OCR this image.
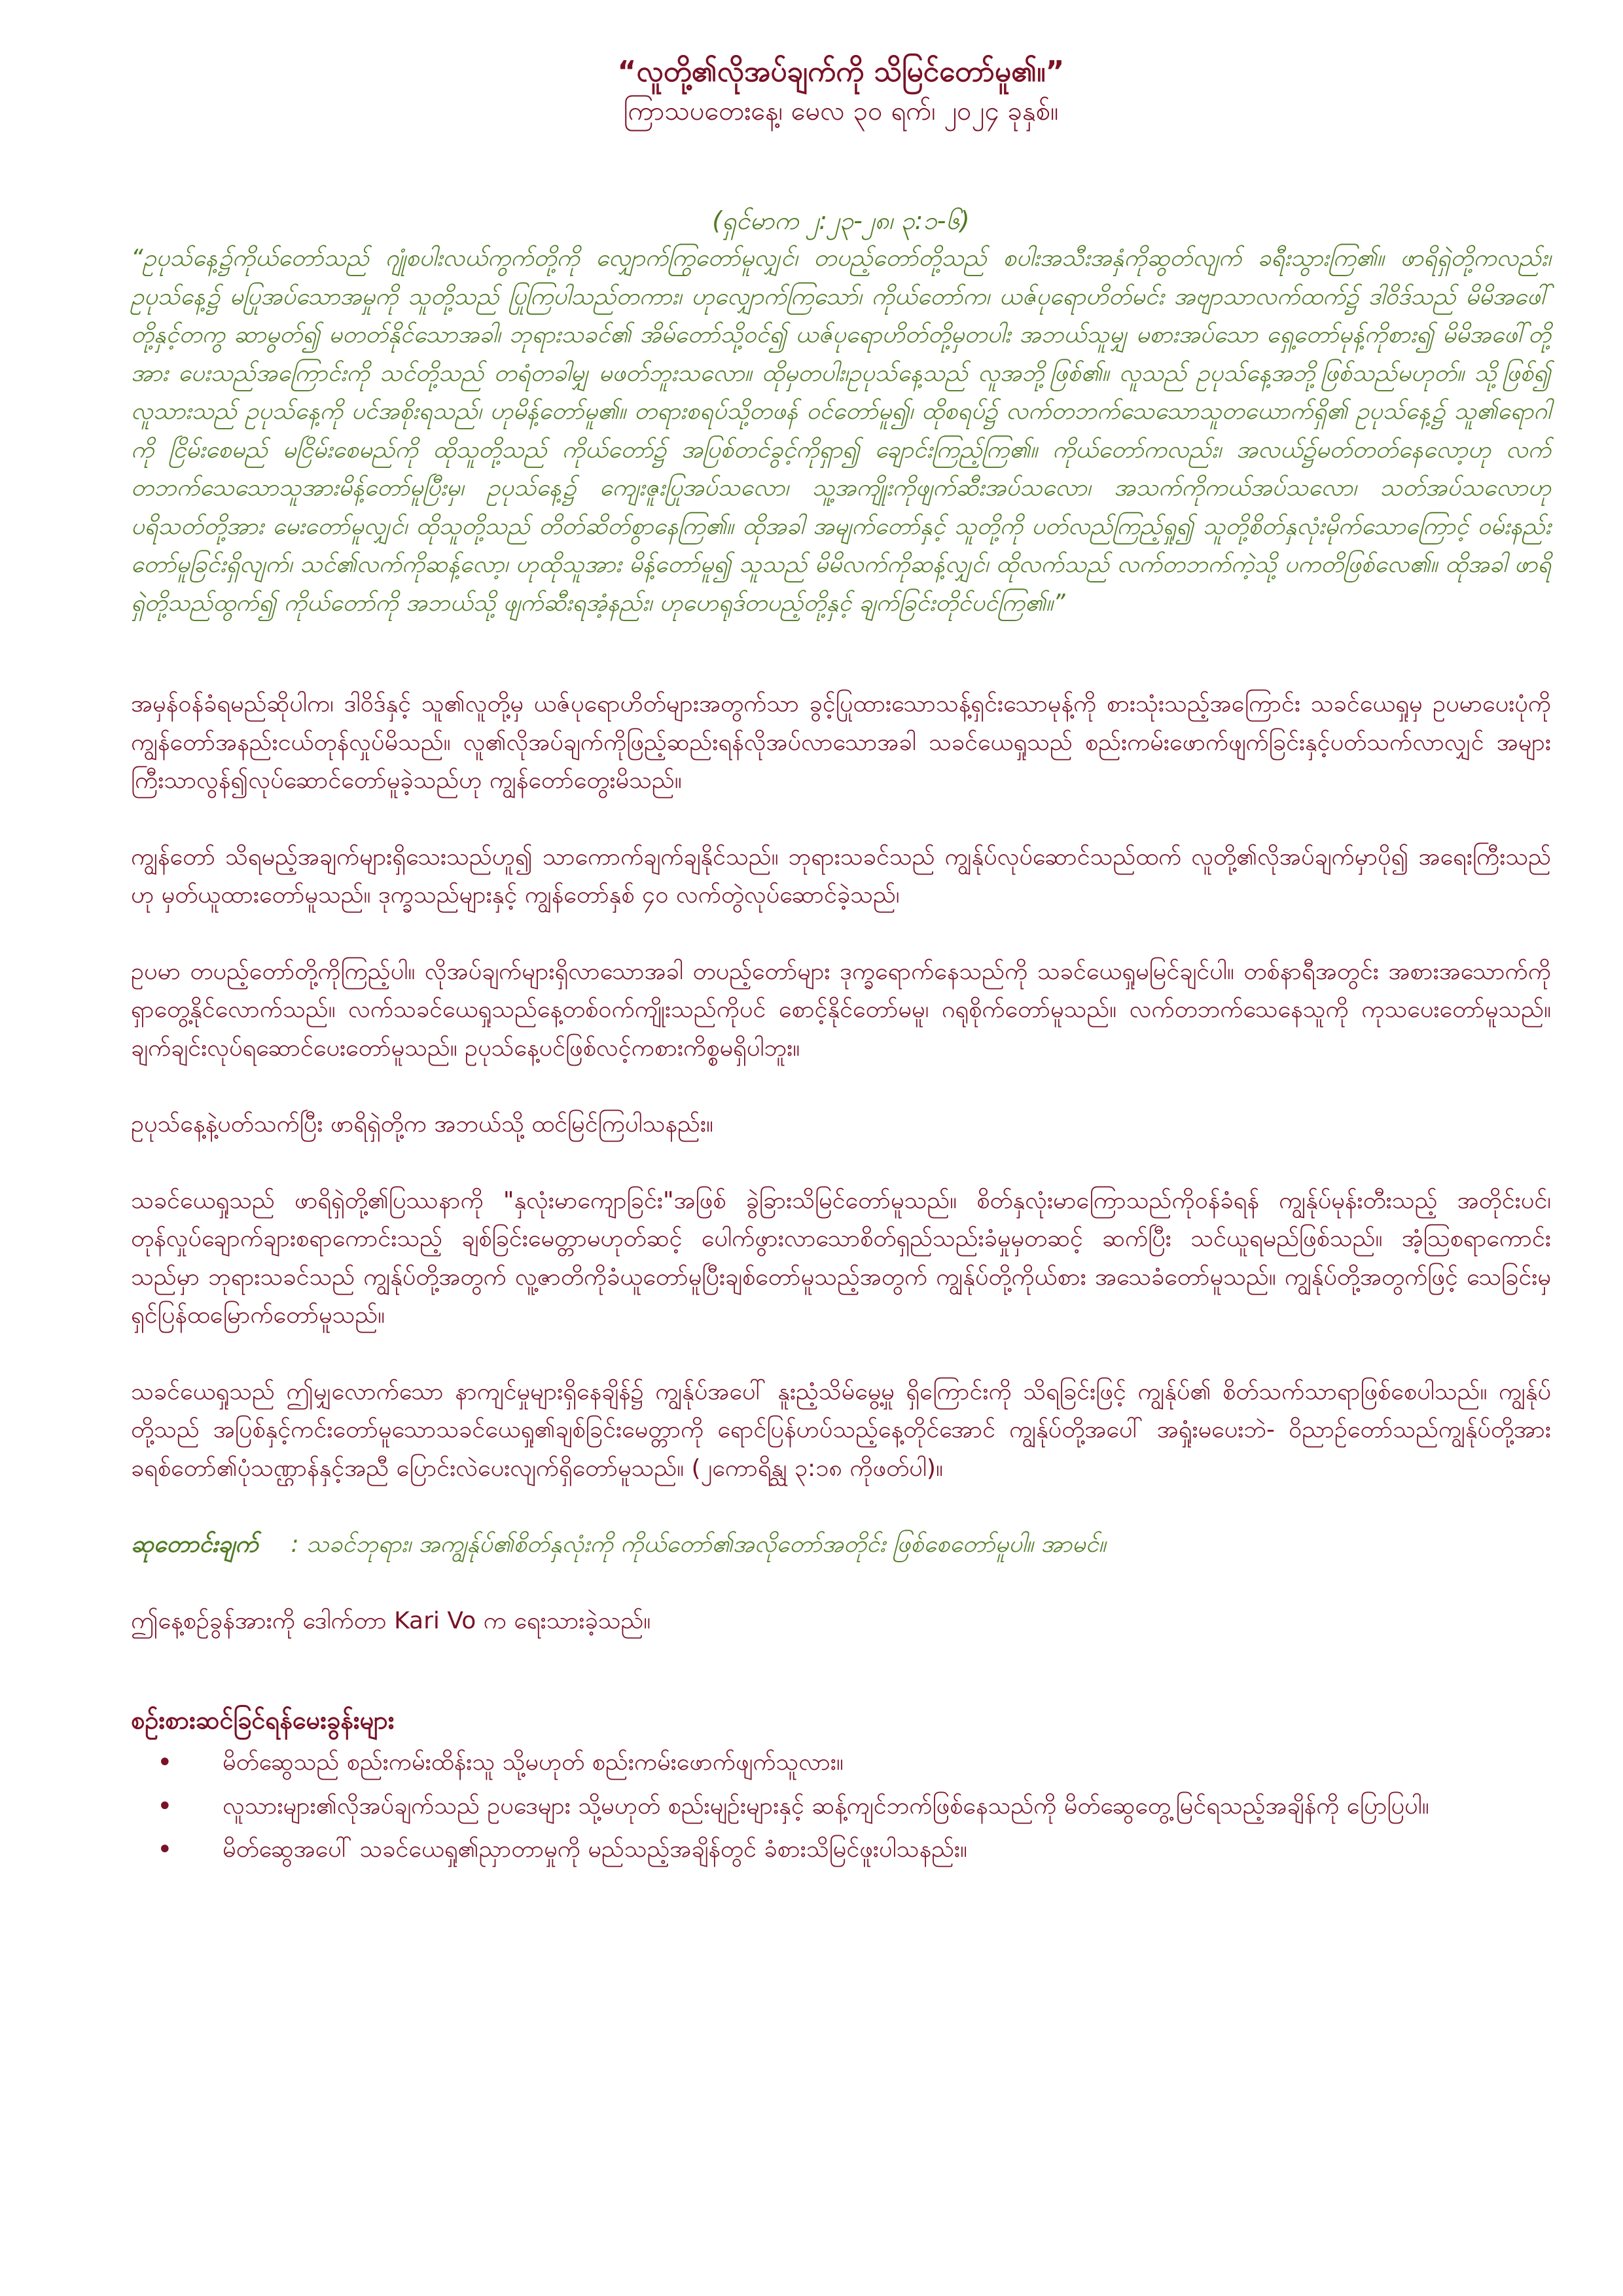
“လူတို့၏လိုအပ်ချက်ကို သိမြင်တော်မူ၏။”

ကြာသပတေးနေ့၊ မေလ ၃၀ ရက်၊ ၂၀၂၄ ခုနှစ်။

(ရှင်မာက ၂:၂၃-၂၈၊ ၃:၁-၆)

“ဥပုသ်နေ့၌ကိုယ်တော်သည် ဂျုံစပါးလယ်ကွက်တို့ကို လျှောက်ကြွတော်မူလျှင်၊ တပည့်တော်တို့သည် စပါးအသီးအနှံကိုဆွတ်လျက် ခရီးသွားကြ၏။ ဖာရိရှဲတို့ကလည်း၊ ဥပုသ်နေ့၌ မပြုအပ်သောအမှုကို သူတို့သည် ပြုကြပါသည်တကား၊ ဟုလျှောက်ကြသော်၊ ကိုယ်တော်က၊ ယဇ်ပုရောဟိတ်မင်း အဗျာသာလက်ထက်၌ ဒါဝိဒ်သည် မိမိအဖေါ်တို့နှင့်တကွ ဆာမွတ်၍ မတတ်နိုင်သောအခါ၊ ဘုရားသခင်၏ အိမ်တော်သို့ဝင်၍ ယဇ်ပုရောဟိတ်တို့မှတပါး အဘယ်သူမျှ မစားအပ်သော ရှေ့တော်မုန့်ကိုစား၍ မိမိအဖေါ်တို့အား ပေးသည်အကြောင်းကို သင်တို့သည် တရံတခါမျှ မဖတ်ဘူးသလော။ ထိုမှတပါး၊ဥပုသ်နေ့သည် လူအဘို့ဖြစ်၏။ လူသည် ဥပုသ်နေ့အဘို့ဖြစ်သည်မဟုတ်။ သို့ဖြစ်၍ လူသားသည် ဥပုသ်နေ့ကို ပင်အစိုးရသည်၊ ဟုမိန့်တော်မူ၏။ တရားစရပ်သို့တဖန် ဝင်တော်မူ၍၊ ထိုစရပ်၌ လက်တဘက်သေသောသူတယောက်ရှိ၏ ဥပုသ်နေ့၌ သူ၏ရောဂါကို ငြိမ်းစေမည် မငြိမ်းစေမည်ကို ထိုသူတို့သည် ကိုယ်တော်၌ အပြစ်တင်ခွင့်ကိုရှာ၍ ချောင်းကြည့်ကြ၏။ ကိုယ်တော်ကလည်း၊ အလယ်၌မတ်တတ်နေလော့ဟု လက်တဘက်သေသောသူအားမိန့်တော်မူပြီးမှ၊ ဥပုသ်နေ့၌ ကျေးဇူးပြုအပ်သလော၊ သူ့အကျိုးကိုဖျက်ဆီးအပ်သလော၊ အသက်ကိုကယ်အပ်သလော၊ သတ်အပ်သလောဟု ပရိသတ်တို့အား မေးတော်မူလျှင်၊ ထိုသူတို့သည် တိတ်ဆိတ်စွာနေကြ၏။ ထိုအခါ အမျက်တော်နှင့် သူတို့ကို ပတ်လည်ကြည့်ရှု၍ သူတို့စိတ်နှလုံးမိုက်သောကြောင့် ဝမ်းနည်းတော်မူခြင်းရှိလျက်၊ သင်၏လက်ကိုဆန့်လော့၊ ဟုထိုသူအား မိန့်တော်မူ၍ သူသည် မိမိလက်ကိုဆန့်လျှင်၊ ထိုလက်သည် လက်တဘက်ကဲ့သို့ ပကတိဖြစ်လေ၏။ ထိုအခါ ဖာရိရှဲတို့သည်ထွက်၍ ကိုယ်တော်ကို အဘယ်သို့ ဖျက်ဆီးရအံ့နည်း၊ ဟုဟေရုဒ်တပည့်တို့နှင့် ချက်ခြင်းတိုင်ပင်ကြ၏။”

အမှန်ဝန်ခံရမည်ဆိုပါက၊ ဒါဝိဒ်နှင့် သူ၏လူတို့မှ ယဇ်ပုရောဟိတ်များအတွက်သာ ခွင့်ပြုထားသောသန့်ရှင်းသောမုန့်ကို စားသုံးသည့်အကြောင်း သခင်ယေရှုမှ ဥပမာပေးပုံကို ကျွန်တော်အနည်းငယ်တုန်လှုပ်မိသည်။ လူ၏လိုအပ်ချက်ကိုဖြည့်ဆည်းရန်လိုအပ်လာသောအခါ သခင်ယေရှုသည် စည်းကမ်းဖောက်ဖျက်ခြင်းနှင့်ပတ်သက်လာလျှင် အများကြီးသာလွန်၍လုပ်ဆောင်တော်မူခဲ့သည်ဟု ကျွန်တော်တွေးမိသည်။

ကျွန်တော် သိရမည့်အချက်များရှိသေးသည်ဟူ၍ သာကောက်ချက်ချနိုင်သည်။ ဘုရားသခင်သည် ကျွန်ုပ်လုပ်ဆောင်သည်ထက် လူတို့၏လိုအပ်ချက်မှာပို၍ အရေးကြီးသည်ဟု မှတ်ယူထားတော်မူသည်။ ဒုက္ခသည်များနှင့် ကျွန်တော်နှစ် ၄၀ လက်တွဲလုပ်ဆောင်ခဲ့သည်၊

ဥပမာ တပည့်တော်တို့ကိုကြည့်ပါ။ လိုအပ်ချက်များရှိလာသောအခါ တပည့်တော်များ ဒုက္ခရောက်နေသည်ကို သခင်ယေရှုမမြင်ချင်ပါ။ တစ်နာရီအတွင်း အစားအသောက်ကို ရှာတွေ့နိုင်လောက်သည်။ လက်သခင်ယေရှုသည်နေ့တစ်ဝက်ကျိုးသည်ကိုပင် စောင့်နိုင်တော်မမူ၊ ဂရုစိုက်တော်မူသည်။ လက်တဘက်သေနေသူကို ကုသပေးတော်မူသည်။ ချက်ချင်းလုပ်ရဆောင်ပေးတော်မူသည်။ ဥပုသ်နေ့ပင်ဖြစ်လင့်ကစားကိစ္စမရှိပါဘူး။

ဥပုသ်နေ့နဲ့ပတ်သက်ပြီး ဖာရိရှဲတို့က အဘယ်သို့ ထင်မြင်ကြပါသနည်း။

သခင်ယေရှုသည် ဖာရိရှဲတို့၏ပြဿနာကို "နှလုံးမာကျောခြင်း"အဖြစ် ခွဲခြားသိမြင်တော်မူသည်။ စိတ်နှလုံးမာကြောသည်ကိုဝန်ခံရန် ကျွန်ုပ်မုန်းတီးသည့် အတိုင်းပင်၊ တုန်လှုပ်ချောက်ချားစရာကောင်းသည့် ချစ်ခြင်းမေတ္တာမဟုတ်ဆင့် ပေါက်ဖွားလာသောစိတ်ရှည်သည်းခံမှုမှတဆင့် ဆက်ပြီး သင်ယူရမည်ဖြစ်သည်။ အံ့သြစရာကောင်းသည်မှာ ဘုရားသခင်သည် ကျွန်ုပ်တို့အတွက် လူ့ဇာတိကိုခံယူတော်မူပြီးချစ်တော်မူသည့်အတွက် ကျွန်ုပ်တို့ကိုယ်စား အသေခံတော်မူသည်။ ကျွန်ုပ်တို့အတွက်ဖြင့် သေခြင်းမှရှင်ပြန်ထမြောက်တော်မူသည်။

သခင်ယေရှုသည် ဤမျှလောက်သော နာကျင်မှုများရှိနေချိန်၌ ကျွန်ုပ်အပေါ် နူးညံ့သိမ်မွေ့မှု ရှိကြောင်းကို သိရခြင်းဖြင့် ကျွန်ုပ်၏ စိတ်သက်သာရာဖြစ်စေပါသည်။ ကျွန်ုပ်တို့သည် အပြစ်နှင့်ကင်းတော်မူသောသခင်ယေရှု၏ချစ်ခြင်းမေတ္တာကို ရောင်ပြန်ဟပ်သည့်နေ့တိုင်အောင် ကျွန်ုပ်တို့အပေါ် အရှုံးမပေးဘဲ- ဝိညာဉ်တော်သည်ကျွန်ုပ်တို့အား ခရစ်တော်၏ပုံသဏ္ဌာန်နှင့်အညီ ပြောင်းလဲပေးလျက်ရှိတော်မူသည်။ (၂ကောရိန္သု ၃:၁၈ ကိုဖတ်ပါ)။

ဆုတောင်းချက် : သခင်ဘုရား၊ အကျွန်ုပ်၏စိတ်နှလုံးကို ကိုယ်တော်၏အလိုတော်အတိုင်း ဖြစ်စေတော်မူပါ။ အာမင်။

ဤနေ့စဉ်ခွန်အားကို ဒေါက်တာ Kari Vo က ရေးသားခဲ့သည်။

စဉ်းစားဆင်ခြင်ရန်မေးခွန်းများ
• မိတ်ဆွေသည် စည်းကမ်းထိန်းသူ သို့မဟုတ် စည်းကမ်းဖောက်ဖျက်သူလား။
• လူသားများ၏လိုအပ်ချက်သည် ဥပဒေများ သို့မဟုတ် စည်းမျဉ်းများနှင့် ဆန့်ကျင်ဘက်ဖြစ်နေသည်ကို မိတ်ဆွေတွေ့မြင်ရသည့်အချိန်ကို ပြောပြပါ။
• မိတ်ဆွေအပေါ် သခင်ယေရှု၏ညှာတာမှုကို မည်သည့်အချိန်တွင် ခံစားသိမြင်ဖူးပါသနည်း။
